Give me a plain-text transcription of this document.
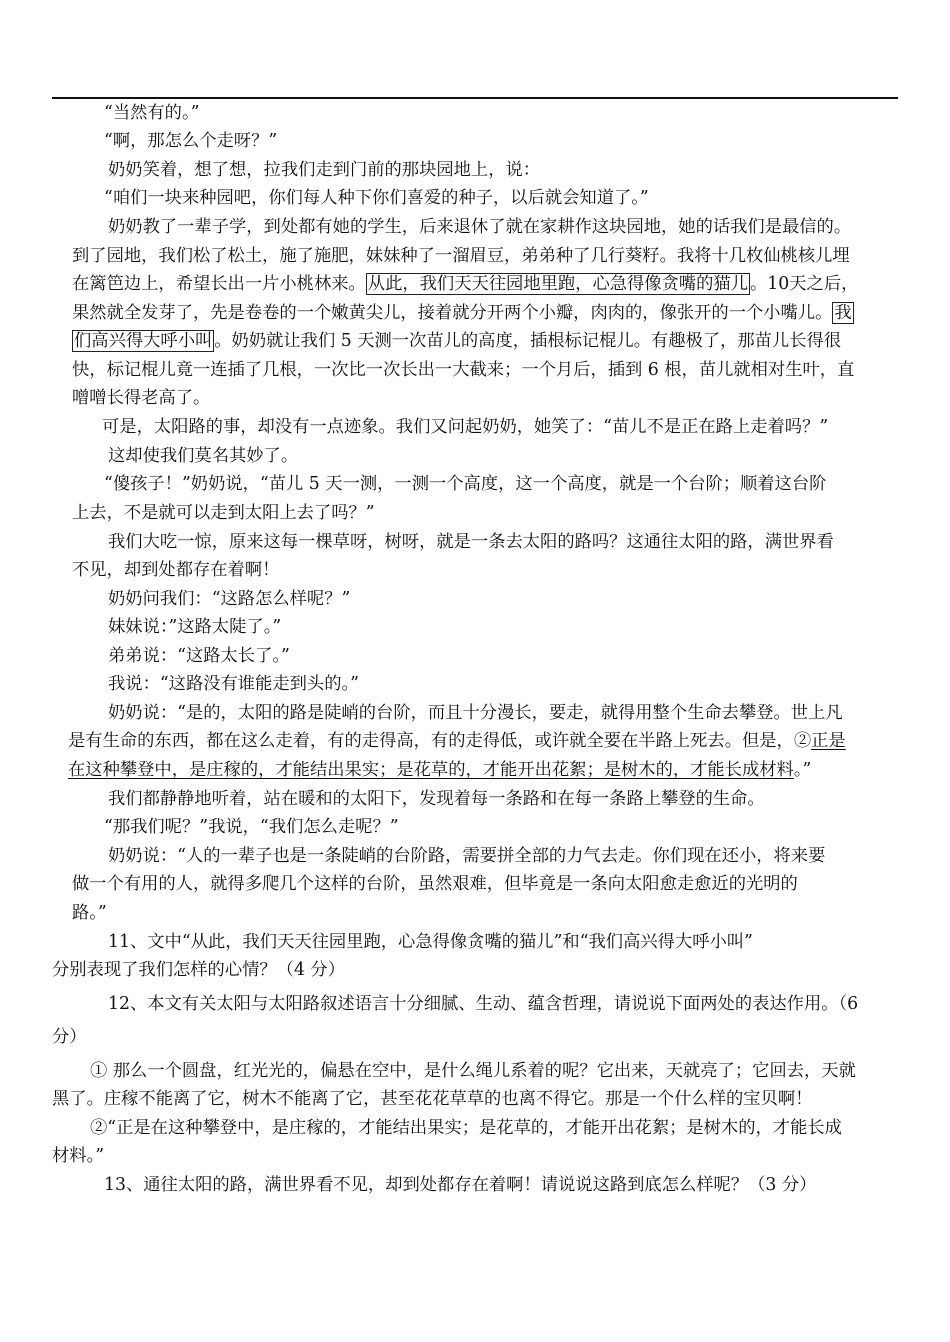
“当然有的。”
“啊，那怎么个走呀？”
奶奶笑着，想了想，拉我们走到门前的那块园地上，说：
“咱们一块来种园吧，你们每人种下你们喜爱的种子，以后就会知道了。”
奶奶教了一辈子学，到处都有她的学生，后来退休了就在家耕作这块园地，她的话我们是最信的。
到了园地，我们松了松土，施了施肥，妹妹种了一溜眉豆，弟弟种了几行葵籽。我将十几枚仙桃核儿埋
在篱笆边上，希望长出一片小桃林来。 从此，我们天天往园地里跑，心急得像贪嘴的猫儿 。10天之后，
果然就全发芽了，先是卷卷的一个嫩黄尖儿，接着就分开两个小瓣，肉肉的，像张开的一个小嘴儿。 我
们高兴得大呼小叫 。奶奶就让我们 5 天测一次苗儿的高度，插根标记棍儿。有趣极了，那苗儿长得很
快，标记棍儿竟一连插了几根，一次比一次长出一大截来；一个月后，插到 6 根，苗儿就相对生叶，直
噌噌长得老高了。
可是，太阳路的事，却没有一点迹象。我们又问起奶奶，她笑了：“苗儿不是正在路上走着吗？”
这却使我们莫名其妙了。
“傻孩子！”奶奶说，“苗儿 5 天一测，一测一个高度，这一个高度，就是一个台阶；顺着这台阶
上去，不是就可以走到太阳上去了吗？”
我们大吃一惊，原来这每一棵草呀，树呀，就是一条去太阳的路吗？这通往太阳的路，满世界看
不见，却到处都存在着啊！
奶奶问我们：“这路怎么样呢？”
妹妹说：”这路太陡了。”
弟弟说：“这路太长了。”
我说：“这路没有谁能走到头的。”
奶奶说：“是的，太阳的路是陡峭的台阶，而且十分漫长，要走，就得用整个生命去攀登。世上凡
是有生命的东西，都在这么走着，有的走得高，有的走得低，或许就全要在半路上死去。但是，②正是
在这种攀登中，是庄稼的，才能结出果实；是花草的，才能开出花絮；是树木的，才能长成材料。”
我们都静静地听着，站在暖和的太阳下，发现着每一条路和在每一条路上攀登的生命。
“那我们呢？”我说，“我们怎么走呢？”
奶奶说：“人的一辈子也是一条陡峭的台阶路，需要拼全部的力气去走。你们现在还小，将来要
做一个有用的人，就得多爬几个这样的台阶，虽然艰难，但毕竟是一条向太阳愈走愈近的光明的
路。”
11、文中“从此，我们天天往园里跑，心急得像贪嘴的猫儿”和“我们高兴得大呼小叫”
分别表现了我们怎样的心情？（4 分）
12、本文有关太阳与太阳路叙述语言十分细腻、生动、蕴含哲理，请说说下面两处的表达作用。（6
分）
① 那么一个圆盘，红光光的，偏悬在空中，是什么绳儿系着的呢？它出来，天就亮了；它回去，天就
黑了。庄稼不能离了它，树木不能离了它，甚至花花草草的也离不得它。那是一个什么样的宝贝啊！
②“正是在这种攀登中，是庄稼的，才能结出果实；是花草的，才能开出花絮；是树木的，才能长成
材料。”
13、通往太阳的路，满世界看不见，却到处都存在着啊！请说说这路到底怎么样呢？（3 分）
